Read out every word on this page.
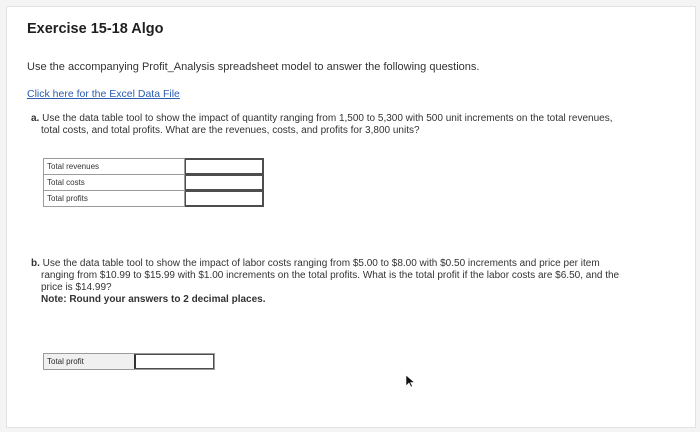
Exercise 15-18 Algo
Use the accompanying Profit_Analysis spreadsheet model to answer the following questions.
Click here for the Excel Data File
a. Use the data table tool to show the impact of quantity ranging from 1,500 to 5,300 with 500 unit increments on the total revenues,
total costs, and total profits. What are the revenues, costs, and profits for 3,800 units?
Total revenues	
Total costs	
Total profits	
b. Use the data table tool to show the impact of labor costs ranging from $5.00 to $8.00 with $0.50 increments and price per item
ranging from $10.99 to $15.99 with $1.00 increments on the total profits. What is the total profit if the labor costs are $6.50, and the
price is $14.99?
Note: Round your answers to 2 decimal places.
Total profit
